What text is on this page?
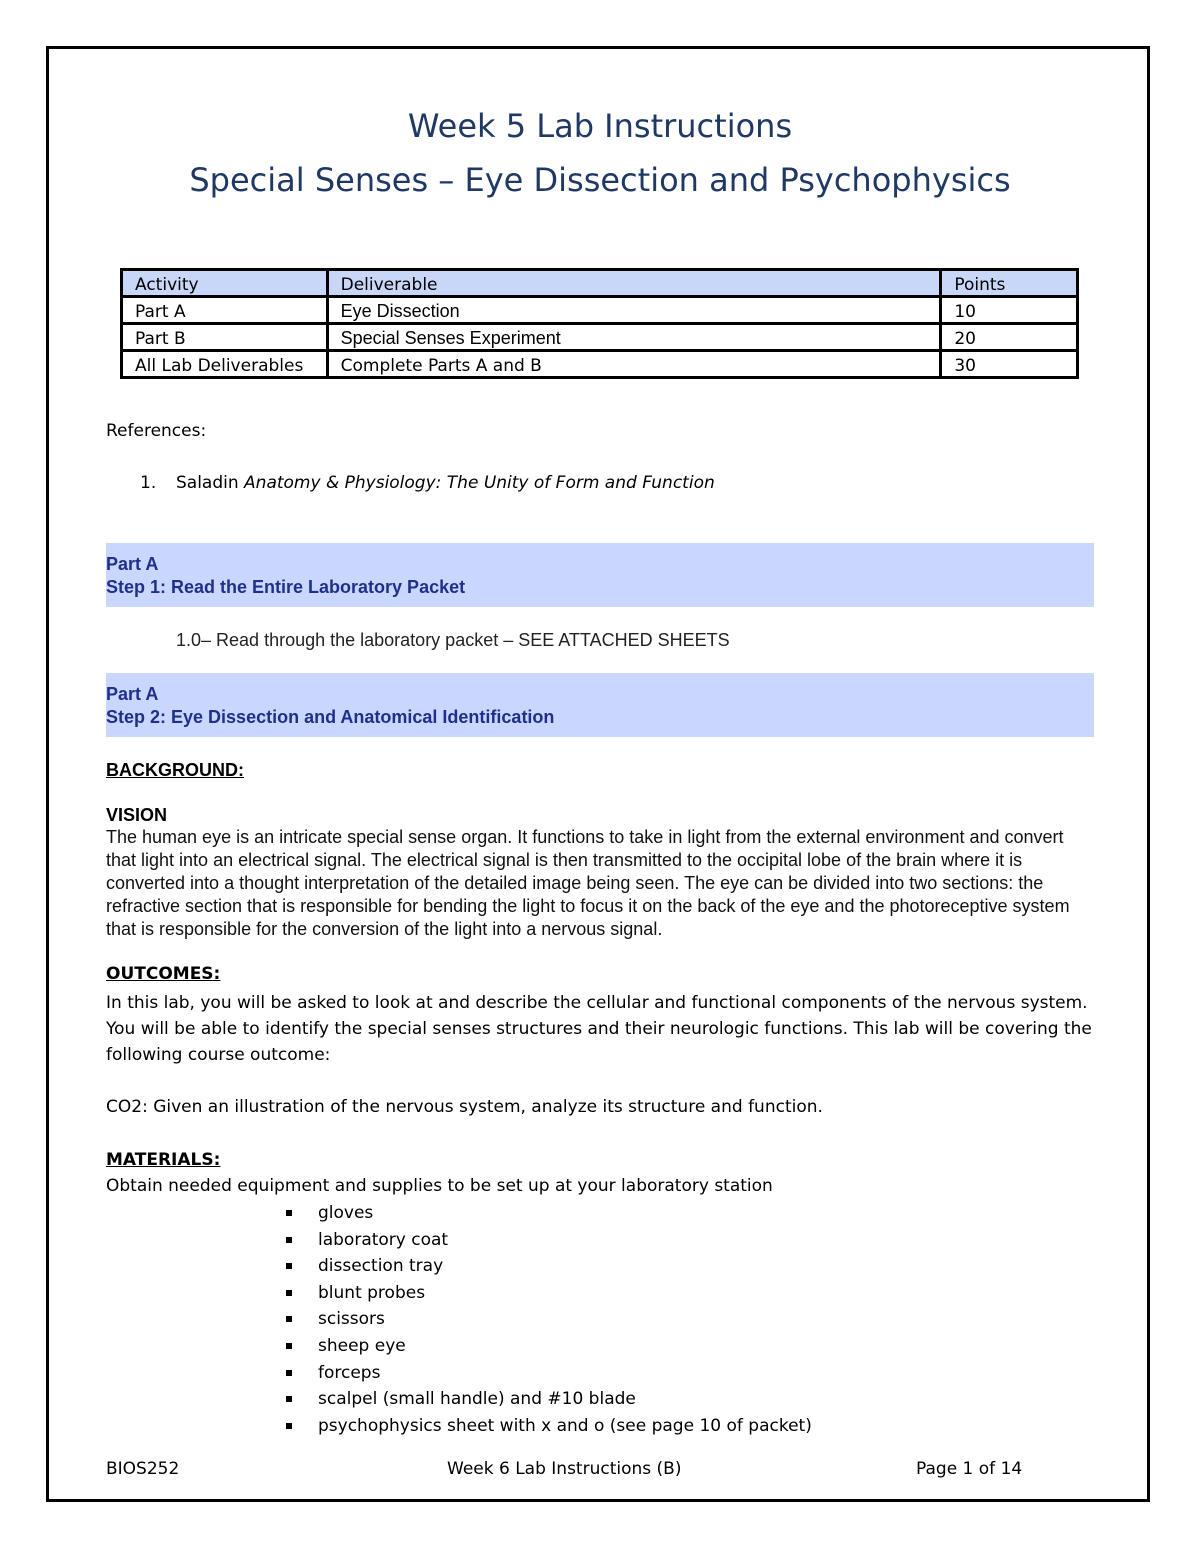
Week 5 Lab Instructions
Special Senses – Eye Dissection and Psychophysics
Activity	Deliverable	Points
Part A	Eye Dissection	10
Part B	Special Senses Experiment	20
All Lab Deliverables	Complete Parts A and B	30

References:

1. Saladin Anatomy & Physiology: The Unity of Form and Function

Part A
Step 1: Read the Entire Laboratory Packet

1.0– Read through the laboratory packet – SEE ATTACHED SHEETS

Part A
Step 2: Eye Dissection and Anatomical Identification

BACKGROUND:

VISION

The human eye is an intricate special sense organ. It functions to take in light from the external environment and convert that light into an electrical signal. The electrical signal is then transmitted to the occipital lobe of the brain where it is converted into a thought interpretation of the detailed image being seen. The eye can be divided into two sections: the refractive section that is responsible for bending the light to focus it on the back of the eye and the photoreceptive system that is responsible for the conversion of the light into a nervous signal.

OUTCOMES:

In this lab, you will be asked to look at and describe the cellular and functional components of the nervous system. You will be able to identify the special senses structures and their neurologic functions. This lab will be covering the following course outcome:

CO2: Given an illustration of the nervous system, analyze its structure and function.

MATERIALS:

Obtain needed equipment and supplies to be set up at your laboratory station

gloves
laboratory coat
dissection tray
blunt probes
scissors
sheep eye
forceps
scalpel (small handle) and #10 blade
psychophysics sheet with x and o (see page 10 of packet)

BIOS252	Week 6 Lab Instructions (B)	Page 1 of 14
